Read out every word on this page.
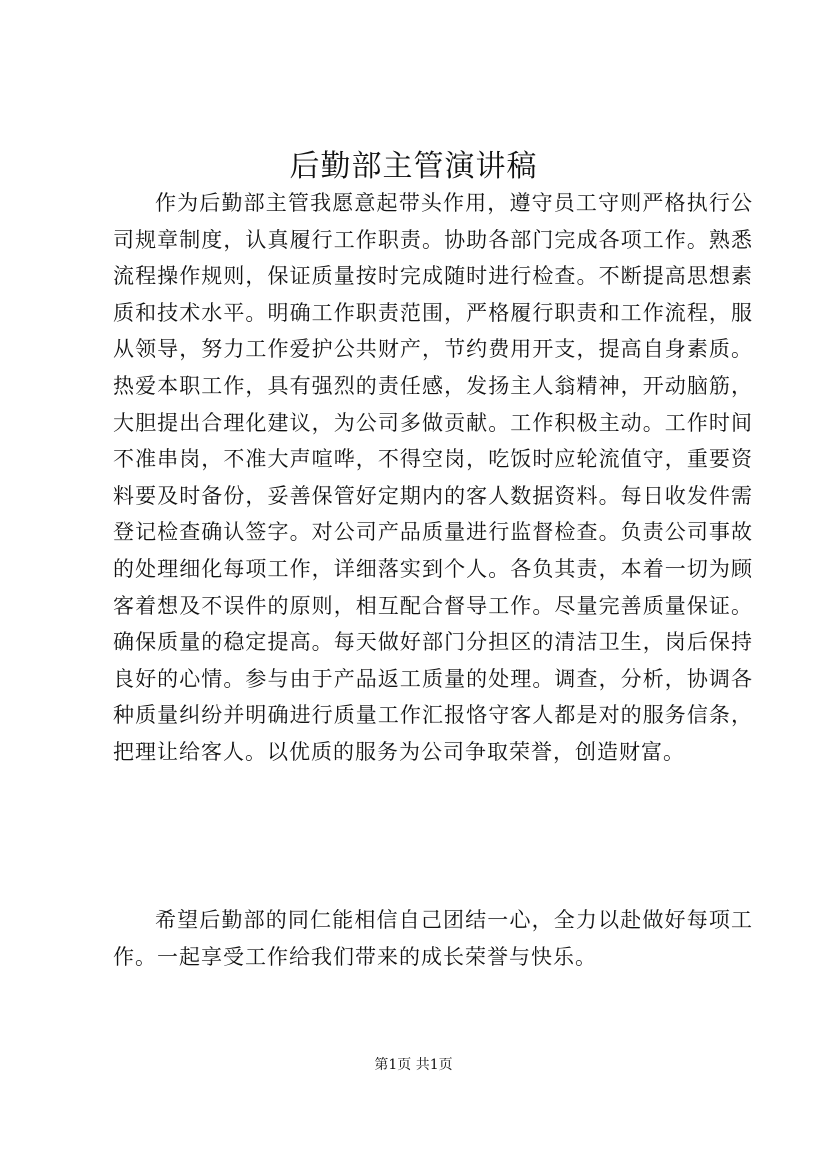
后勤部主管演讲稿

作为后勤部主管我愿意起带头作用，遵守员工守则严格执行公司规章制度，认真履行工作职责。协助各部门完成各项工作。熟悉流程操作规则，保证质量按时完成随时进行检查。不断提高思想素质和技术水平。明确工作职责范围，严格履行职责和工作流程，服从领导，努力工作爱护公共财产，节约费用开支，提高自身素质。热爱本职工作，具有强烈的责任感，发扬主人翁精神，开动脑筋，大胆提出合理化建议，为公司多做贡献。工作积极主动。工作时间不准串岗，不准大声喧哗，不得空岗，吃饭时应轮流值守，重要资料要及时备份，妥善保管好定期内的客人数据资料。每日收发件需登记检查确认签字。对公司产品质量进行监督检查。负责公司事故的处理细化每项工作，详细落实到个人。各负其责，本着一切为顾客着想及不误件的原则，相互配合督导工作。尽量完善质量保证。确保质量的稳定提高。每天做好部门分担区的清洁卫生，岗后保持良好的心情。参与由于产品返工质量的处理。调查，分析，协调各种质量纠纷并明确进行质量工作汇报恪守客人都是对的服务信条，把理让给客人。以优质的服务为公司争取荣誉，创造财富。

希望后勤部的同仁能相信自己团结一心，全力以赴做好每项工作。一起享受工作给我们带来的成长荣誉与快乐。

第1页 共1页
